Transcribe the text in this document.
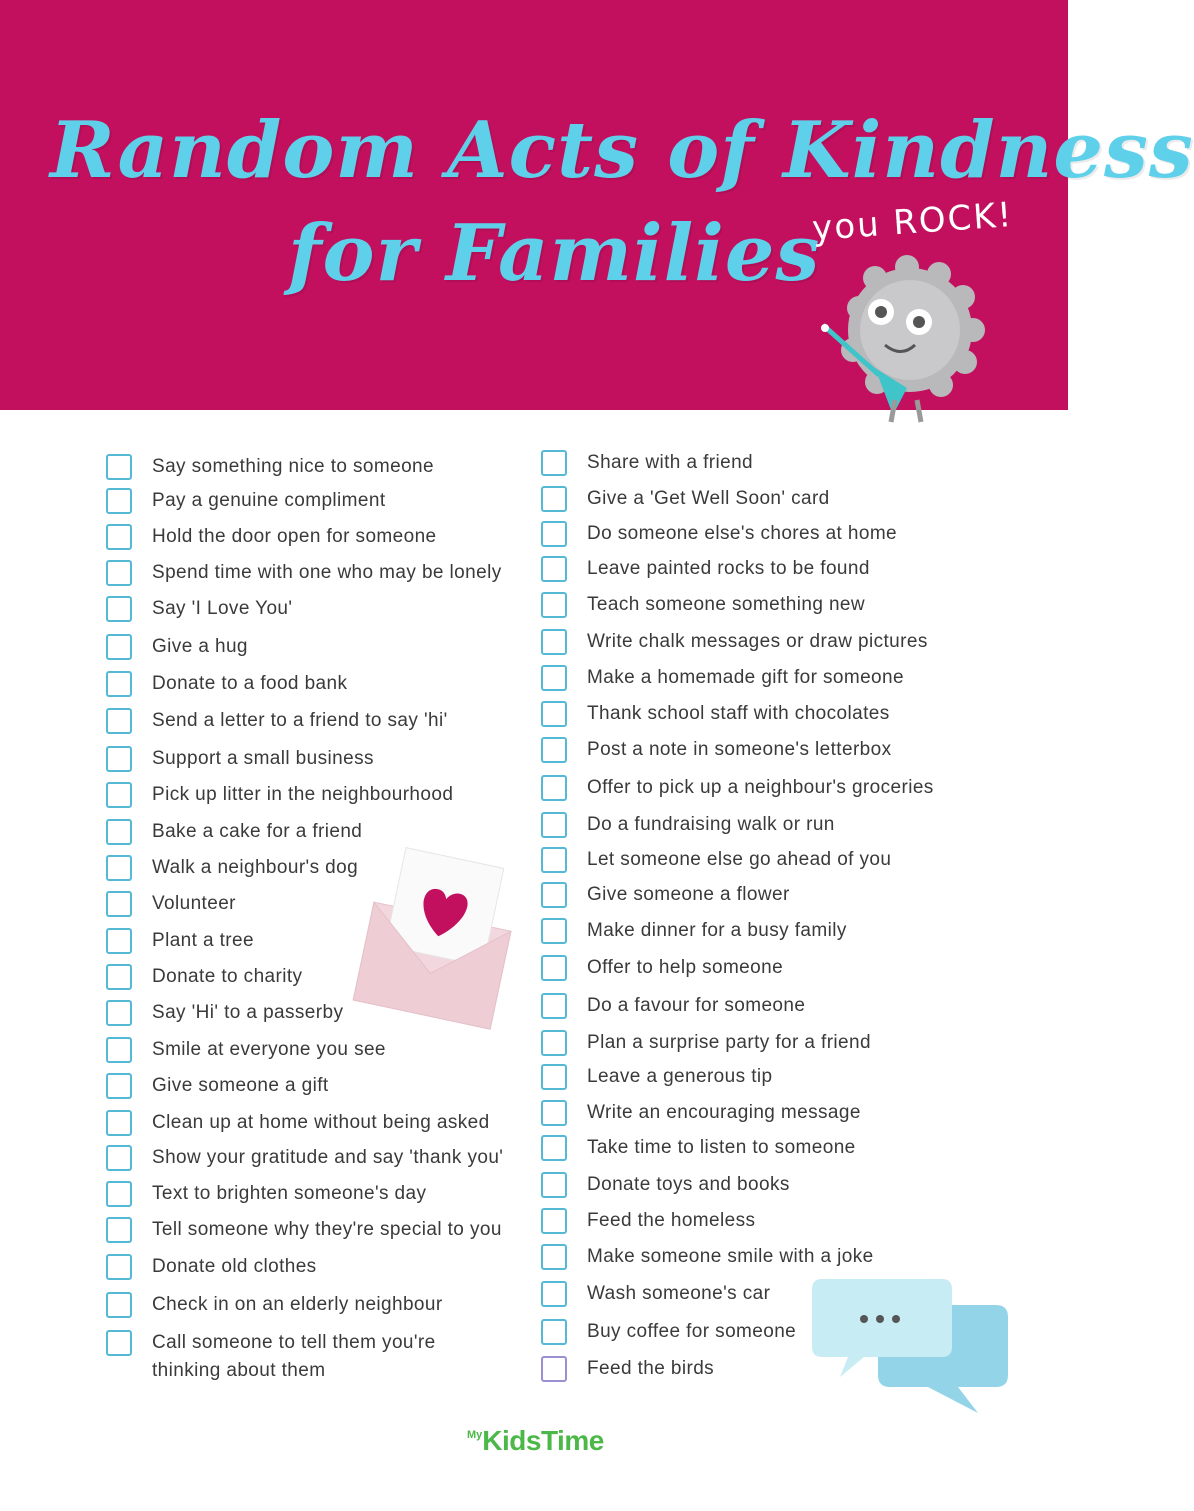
Random Acts of Kindness
for Families
you ROCK!
Say something nice to someone
Pay a genuine compliment
Hold the door open for someone
Spend time with one who may be lonely
Say 'I Love You'
Give a hug
Donate to a food bank
Send a letter to a friend to say 'hi'
Support a small business
Pick up litter in the neighbourhood
Bake a cake for a friend
Walk a neighbour's dog
Volunteer
Plant a tree
Donate to charity
Say 'Hi' to a passerby
Smile at everyone you see
Give someone a gift
Clean up at home without being asked
Show your gratitude and say 'thank you'
Text to brighten someone's day
Tell someone why they're special to you
Donate old clothes
Check in on an elderly neighbour
Call someone to tell them you're
thinking about them
Share with a friend
Give a 'Get Well Soon' card
Do someone else's chores at home
Leave painted rocks to be found
Teach someone something new
Write chalk messages or draw pictures
Make a homemade gift for someone
Thank school staff with chocolates
Post a note in someone's letterbox
Offer to pick up a neighbour's groceries
Do a fundraising walk or run
Let someone else go ahead of you
Give someone a flower
Make dinner for a busy family
Offer to help someone
Do a favour for someone
Plan a surprise party for a friend
Leave a generous tip
Write an encouraging message
Take time to listen to someone
Donate toys and books
Feed the homeless
Make someone smile with a joke
Wash someone's car
Buy coffee for someone
Feed the birds
$^{My}$KidsTime
